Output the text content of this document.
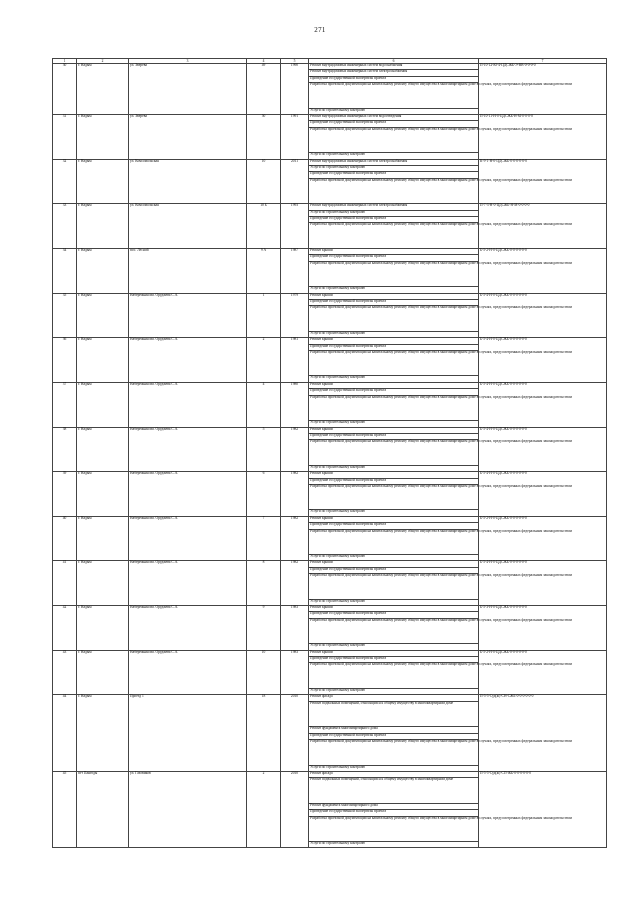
271
1	2	3	4	5	6	7
30	г. Надым	ул. Зверева	49	1990	Ремонт внутридомовых инженерных систем водоснабжения	П-10-12-Ю-4-ЦДСЖБ-Э-ВВ-0-0-0-0
					Ремонт внутридомовых инженерных систем электроснабжения	
					Проведение государственной экспертизы проекта	
					Разработка проектной документации на капитальному ремонту общего имущества в многоквартирном доме в случаях, предусмотренных федеральным законодательством	
					Услуги по строительному контролю	
31	г. Надым	ул. Зверева	50	1991	Ремонт внутридомовых инженерных систем водоотведения	П-10-11-Н-0-ЦДСЖБ-Н-М-0-0-0-0
					Проведение государственной экспертизы проекта	
					Разработка проектной документации на капитальному ремонту общего имущества в многоквартирном доме в случаях, предусмотренных федеральным законодательством	
					Услуги по строительному контролю	
32	г. Надым	ул. Комсомольская	10	2011	Ремонт внутридомовых инженерных систем электроснабжения	К-9-1-Н-0-ЦДСЖБ-0-0-0-0-0-0
					Услуги по строительному контролю	
					Проведение государственной экспертизы проекта	
					Разработка проектной документации на капитальному ремонту общего имущества в многоквартирном доме в случаях, предусмотренных федеральным законодательством	
33	г. Надым	ул. Комсомольская	10 Б	1993	Ремонт внутридомовых инженерных систем электроснабжения	П-7-3-Н-0-ЦДСЖБ-Н-М-0-0-0-0
					Услуги по строительному контролю	
					Проведение государственной экспертизы проекта	
					Разработка проектной документации на капитальному ремонту общего имущества в многоквартирном доме в случаях, предусмотренных федеральным законодательством	
34	г. Надым	пос. Лесной	9 А	1987	Ремонт крыши	Б-5-2-Н-0-ЦДСЖБ-0-0-0-0-0-0
					Проведение государственной экспертизы проекта	
					Разработка проектной документации на капитальному ремонту общего имущества в многоквартирном доме в случаях, предусмотренных федеральным законодательством	
					Услуги по строительному контролю	
35	г. Надым	Набережная им. Оруджева С.А.	1	1979	Ремонт крыши	Б-5-4-Н-0-ЦДСЖБ-0-0-0-0-0-0
					Проведение государственной экспертизы проекта	
					Разработка проектной документации на капитальному ремонту общего имущества в многоквартирном доме в случаях, предусмотренных федеральным законодательством	
					Услуги по строительному контролю	
36	г. Надым	Набережная им. Оруджева С.А.	2	1981	Ремонт крыши	Б-5-4-Н-0-ЦДСЖБ-0-0-0-0-0-0
					Проведение государственной экспертизы проекта	
					Разработка проектной документации на капитальному ремонту общего имущества в многоквартирном доме в случаях, предусмотренных федеральным законодательством	
					Услуги по строительному контролю	
37	г. Надым	Набережная им. Оруджева С.А.	4	1980	Ремонт крыши	Б-5-4-Н-0-ЦДСЖБ-0-0-0-0-0-0
					Проведение государственной экспертизы проекта	
					Разработка проектной документации на капитальному ремонту общего имущества в многоквартирном доме в случаях, предусмотренных федеральным законодательством	
					Услуги по строительному контролю	
38	г. Надым	Набережная им. Оруджева С.А.	5	1982	Ремонт крыши	Б-5-4-Н-0-ЦДСЖБ-0-0-0-0-0-0
					Проведение государственной экспертизы проекта	
					Разработка проектной документации на капитальному ремонту общего имущества в многоквартирном доме в случаях, предусмотренных федеральным законодательством	
					Услуги по строительному контролю	
39	г. Надым	Набережная им. Оруджева С.А.	6	1982	Ремонт крыши	Б-5-4-Н-0-ЦДСЖБ-0-0-0-0-0-0
					Проведение государственной экспертизы проекта	
					Разработка проектной документации на капитальному ремонту общего имущества в многоквартирном доме в случаях, предусмотренных федеральным законодательством	
					Услуги по строительному контролю	
40	г. Надым	Набережная им. Оруджева С.А.	7	1982	Ремонт крыши	Б-5-2-Н-0-ЦДСЖБ-0-0-0-0-0-0
					Проведение государственной экспертизы проекта	
					Разработка проектной документации на капитальному ремонту общего имущества в многоквартирном доме в случаях, предусмотренных федеральным законодательством	
					Услуги по строительному контролю	
41	г. Надым	Набережная им. Оруджева С.А.	8	1982	Ремонт крыши	Б-5-4-Н-0-ЦДСЖБ-0-0-0-0-0-0
					Проведение государственной экспертизы проекта	
					Разработка проектной документации на капитальному ремонту общего имущества в многоквартирном доме в случаях, предусмотренных федеральным законодательством	
					Услуги по строительному контролю	
42	г. Надым	Набережная им. Оруджева С.А.	9	1983	Ремонт крыши	Б-5-3-Н-0-ЦДСЖБ-0-0-0-0-0-0
					Проведение государственной экспертизы проекта	
					Разработка проектной документации на капитальному ремонту общего имущества в многоквартирном доме в случаях, предусмотренных федеральным законодательством	
					Услуги по строительному контролю	
43	г. Надым	Набережная им. Оруджева С.А.	10	1983	Ремонт крыши	Б-5-2-Н-0-ЦДСЖБ-0-0-0-0-0-0
					Проведение государственной экспертизы проекта	
					Разработка проектной документации на капитальному ремонту общего имущества в многоквартирном доме в случаях, предусмотренных федеральным законодательством	
					Услуги по строительному контролю	
44	г. Надым	Проезд 1	18	2010	Ремонт фасада	П-5-5-Суд(ж)-СН-СЖБ-0-0-0-0-0-0
					Ремонт подвальных помещений, относящихся к общему имуществу в многоквартирном доме	
					Ремонт фундамента многоквартирного дома	
					Проведение государственной экспертизы проекта	
					Разработка проектной документации на капитальному ремонту общего имущества в многоквартирном доме в случаях, предусмотренных федеральным законодательством	
					Услуги по строительному контролю	
45	пгт Пангоды	ул. Газовиков	2	2010	Ремонт фасада	П-5-5-Суд(ж)-СП-ЖБ-0-0-0-0-0-0
					Ремонт подвальных помещений, относящихся к общему имуществу в многоквартирном доме	
					Ремонт фундамента многоквартирного дома	
					Проведение государственной экспертизы проекта	
					Разработка проектной документации на капитальному ремонту общего имущества в многоквартирном доме в случаях, предусмотренных федеральным законодательством	
					Услуги по строительному контролю	
